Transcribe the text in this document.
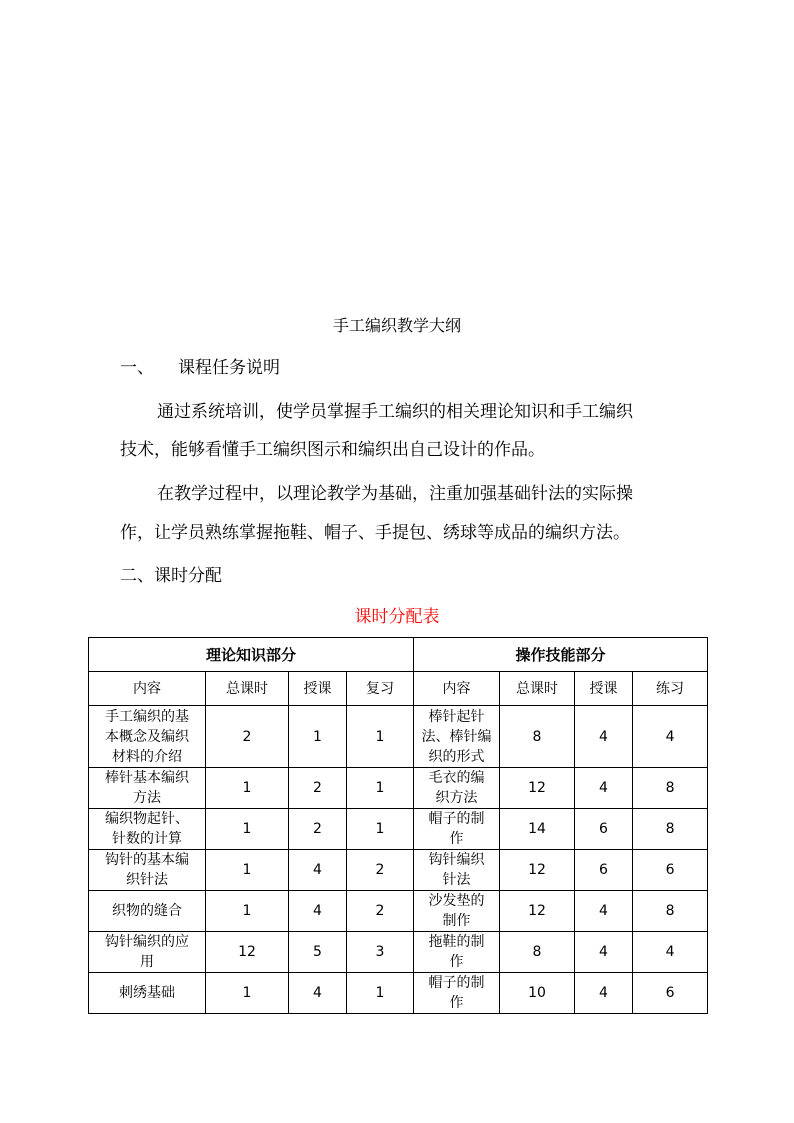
手工编织教学大纲
一、 课程任务说明
通过系统培训，使学员掌握手工编织的相关理论知识和手工编织
技术，能够看懂手工编织图示和编织出自己设计的作品。
在教学过程中，以理论教学为基础，注重加强基础针法的实际操
作，让学员熟练掌握拖鞋、帽子、手提包、绣球等成品的编织方法。
二、课时分配
课时分配表
理论知识部分				操作技能部分			
内容	总课时	授课	复习	内容	总课时	授课	练习

手工编织的基
本概念及编织
材料的介绍	2	1	1	棒针起针
法、棒针编
织的形式	8	4	4

棒针基本编织
方法	1	2	1	毛衣的编
织方法	12	4	8

编织物起针、
针数的计算	1	2	1	帽子的制
作	14	6	8

钩针的基本编
织针法	1	4	2	钩针编织
针法	12	6	6

织物的缝合	1	4	2	沙发垫的
制作	12	4	8

钩针编织的应
用	12	5	3	拖鞋的制
作	8	4	4

刺绣基础	1	4	1	帽子的制
作	10	4	6
